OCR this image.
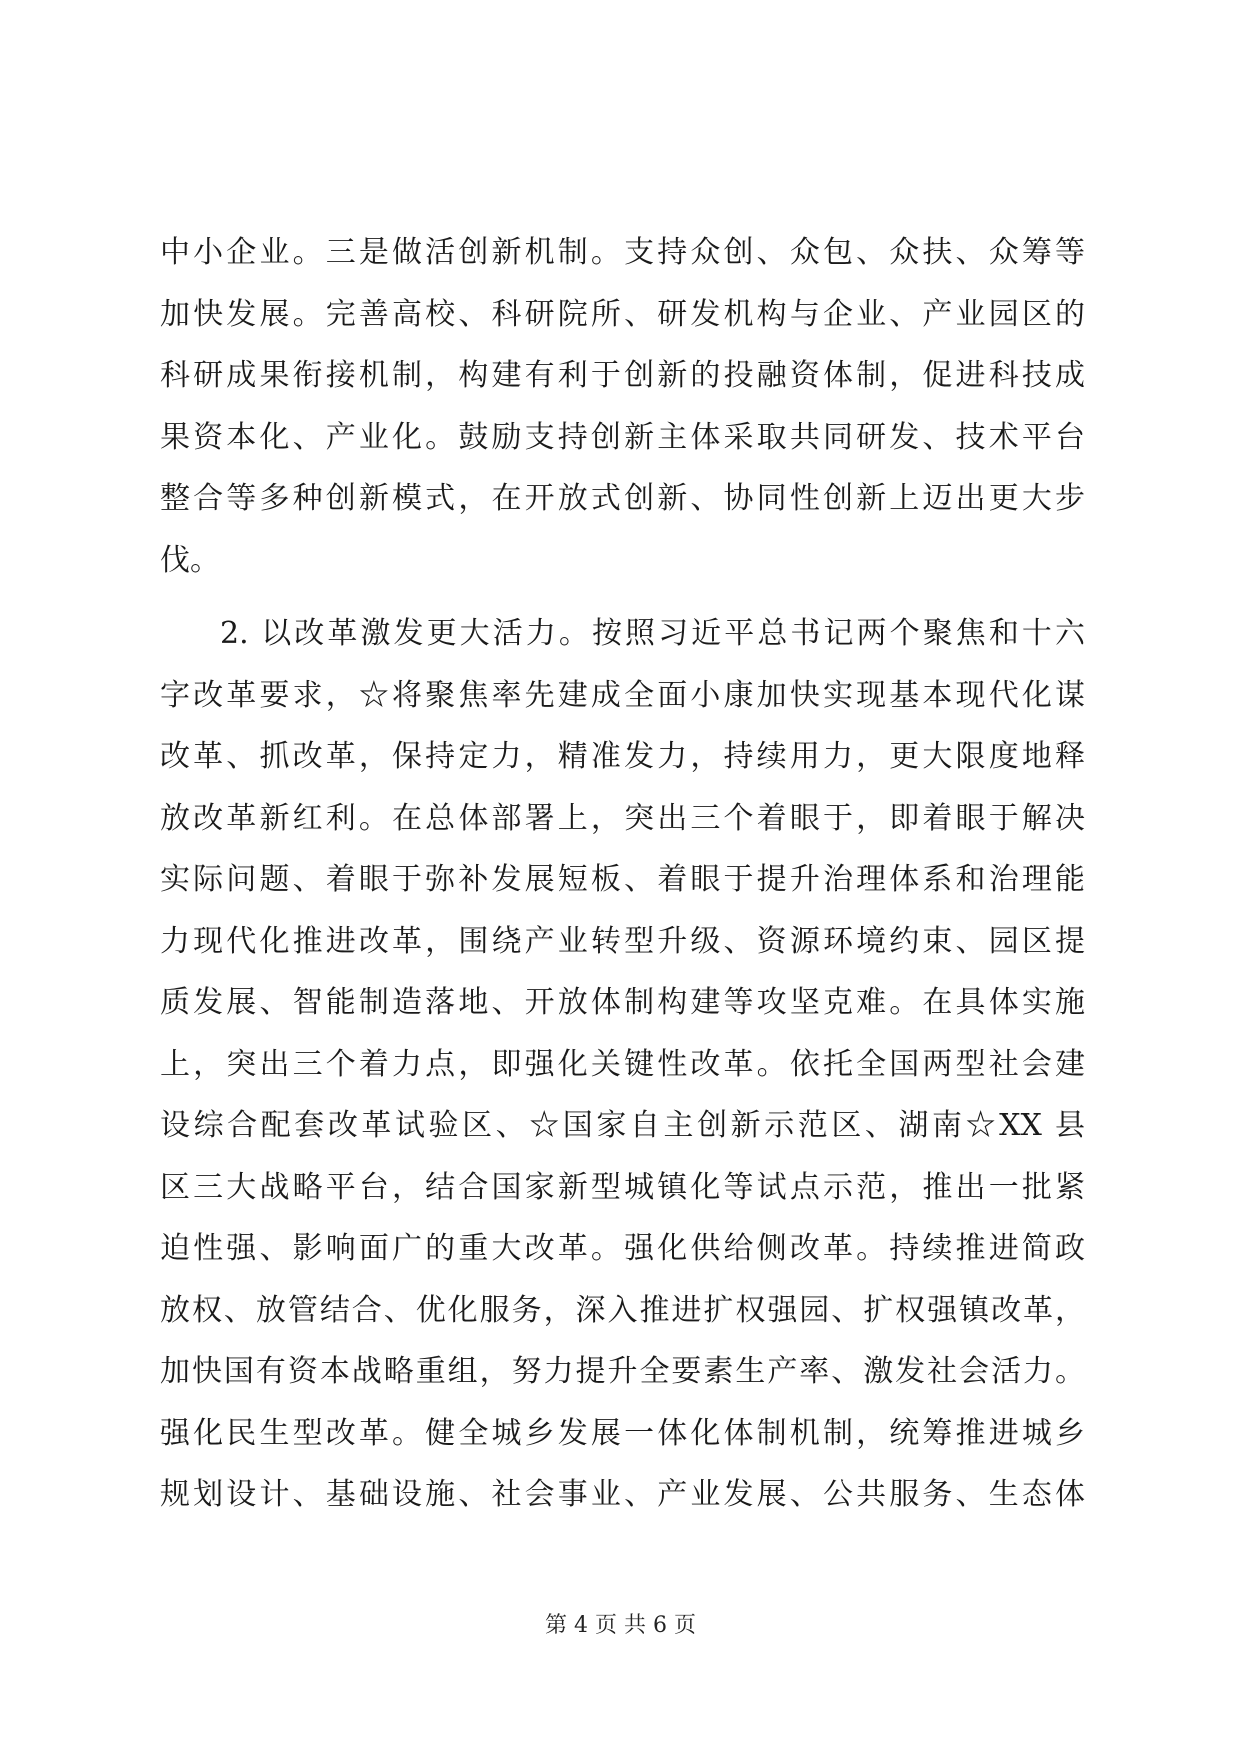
中小企业。三是做活创新机制。支持众创、众包、众扶、众筹等
加快发展。完善高校、科研院所、研发机构与企业、产业园区的
科研成果衔接机制，构建有利于创新的投融资体制，促进科技成
果资本化、产业化。鼓励支持创新主体采取共同研发、技术平台
整合等多种创新模式，在开放式创新、协同性创新上迈出更大步
伐。
2. 以改革激发更大活力。按照习近平总书记两个聚焦和十六
字改革要求，☆将聚焦率先建成全面小康加快实现基本现代化谋
改革、抓改革，保持定力，精准发力，持续用力，更大限度地释
放改革新红利。在总体部署上，突出三个着眼于，即着眼于解决
实际问题、着眼于弥补发展短板、着眼于提升治理体系和治理能
力现代化推进改革，围绕产业转型升级、资源环境约束、园区提
质发展、智能制造落地、开放体制构建等攻坚克难。在具体实施
上，突出三个着力点，即强化关键性改革。依托全国两型社会建
设综合配套改革试验区、☆国家自主创新示范区、湖南☆XX 县
区三大战略平台，结合国家新型城镇化等试点示范，推出一批紧
迫性强、影响面广的重大改革。强化供给侧改革。持续推进简政
放权、放管结合、优化服务，深入推进扩权强园、扩权强镇改革，
加快国有资本战略重组，努力提升全要素生产率、激发社会活力。
强化民生型改革。健全城乡发展一体化体制机制，统筹推进城乡
规划设计、基础设施、社会事业、产业发展、公共服务、生态体
第 4 页 共 6 页
